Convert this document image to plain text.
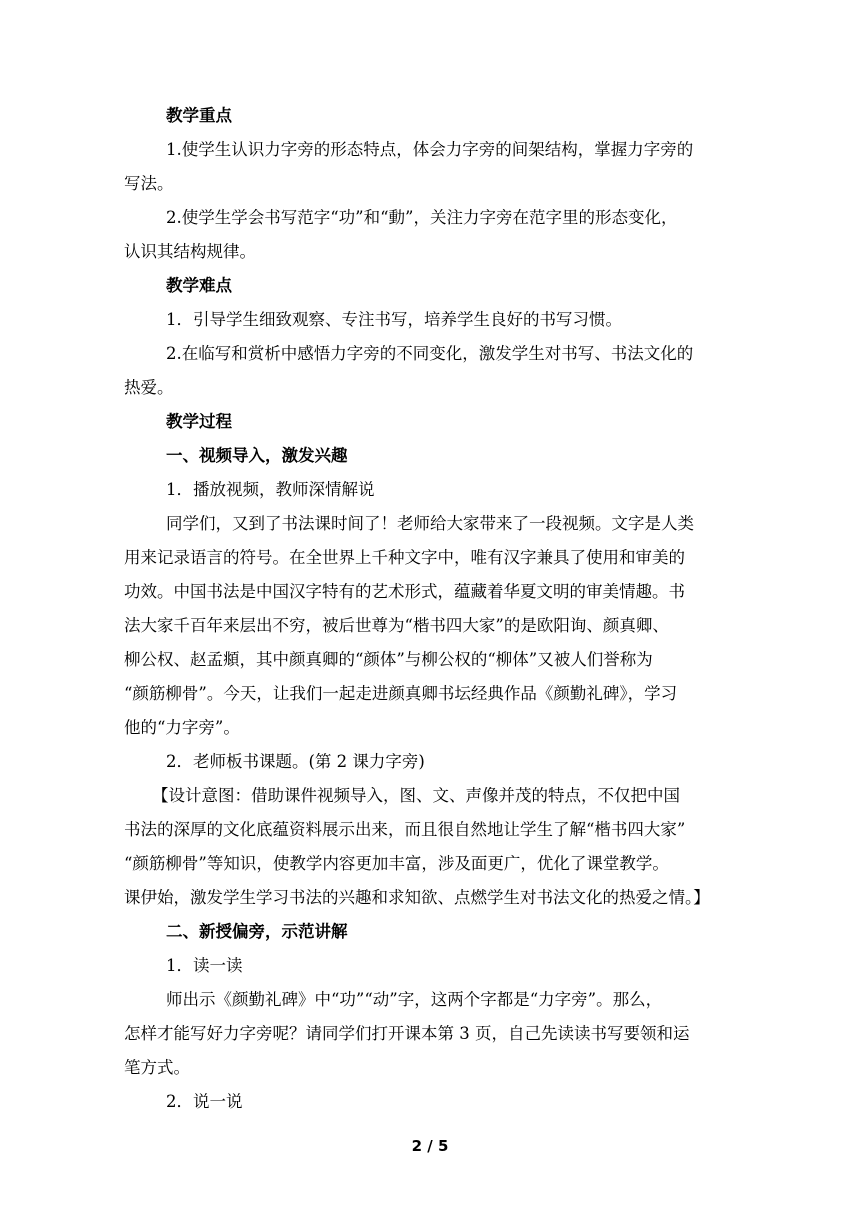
教学重点
1.使学生认识力字旁的形态特点，体会力字旁的间架结构，掌握力字旁的
写法。
2.使学生学会书写范字“功”和“動”，关注力字旁在范字里的形态变化，
认识其结构规律。
教学难点
1．引导学生细致观察、专注书写，培养学生良好的书写习惯。
2.在临写和赏析中感悟力字旁的不同变化，激发学生对书写、书法文化的
热爱。
教学过程
一、视频导入，激发兴趣
1．播放视频，教师深情解说
同学们，又到了书法课时间了！老师给大家带来了一段视频。文字是人类
用来记录语言的符号。在全世界上千种文字中，唯有汉字兼具了使用和审美的
功效。中国书法是中国汉字特有的艺术形式，蕴藏着华夏文明的审美情趣。书
法大家千百年来层出不穷，被后世尊为“楷书四大家”的是欧阳询、颜真卿、
柳公权、赵孟頫，其中颜真卿的“颜体”与柳公权的“柳体”又被人们誉称为
“颜筋柳骨”。今天，让我们一起走进颜真卿书坛经典作品《颜勤礼碑》，学习
他的“力字旁”。
2．老师板书课题。(第 2 课力字旁)
【设计意图：借助课件视频导入，图、文、声像并茂的特点，不仅把中国
书法的深厚的文化底蕴资料展示出来，而且很自然地让学生了解“楷书四大家”
“颜筋柳骨”等知识，使教学内容更加丰富，涉及面更广，优化了课堂教学。
课伊始，激发学生学习书法的兴趣和求知欲、点燃学生对书法文化的热爱之情。】
二、新授偏旁，示范讲解
1．读一读
师出示《颜勤礼碑》中“功”“动”字，这两个字都是“力字旁”。那么，
怎样才能写好力字旁呢？请同学们打开课本第 3 页，自己先读读书写要领和运
笔方式。
2．说一说
2 / 5
